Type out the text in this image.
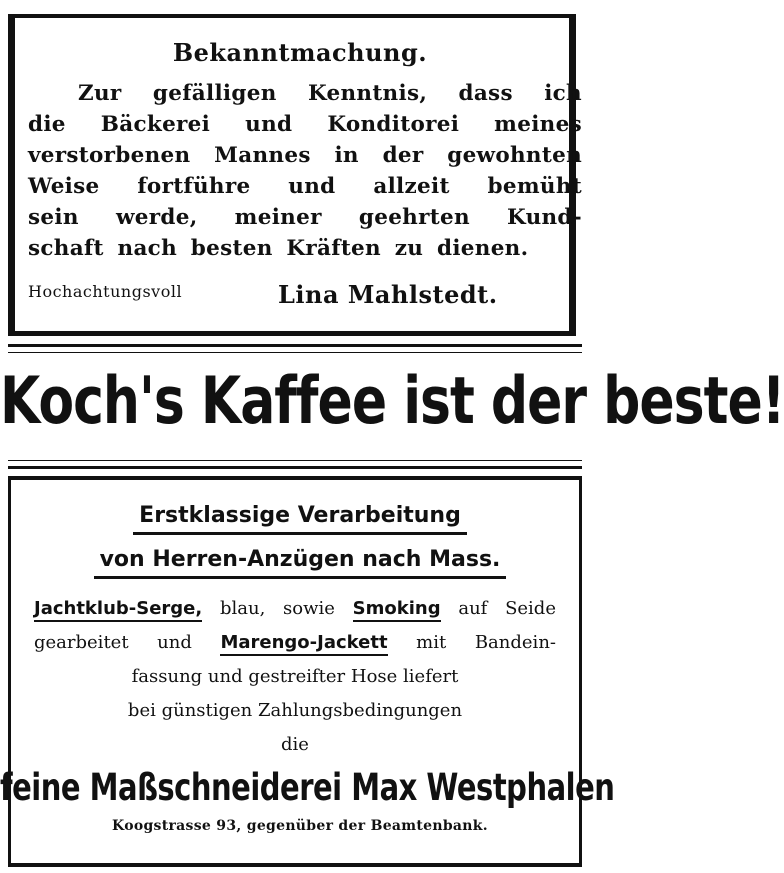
Bekanntmachung.
Zur gefälligen Kenntnis, dass ich
die Bäckerei und Konditorei meines
verstorbenen Mannes in der gewohnten
Weise fortführe und allzeit bemüht
sein werde, meiner geehrten Kund-
schaft nach besten Kräften zu dienen.
Hochachtungsvoll	Lina Mahlstedt.
Koch's Kaffee ist der beste!
Erstklassige Verarbeitung
von Herren-Anzügen nach Mass.
Jachtklub-Serge, blau, sowie Smoking auf Seide
gearbeitet und Marengo-Jackett mit Bandein-
fassung und gestreifter Hose liefert
bei günstigen Zahlungsbedingungen
die
feine Maßschneiderei Max Westphalen
Koogstrasse 93, gegenüber der Beamtenbank.
